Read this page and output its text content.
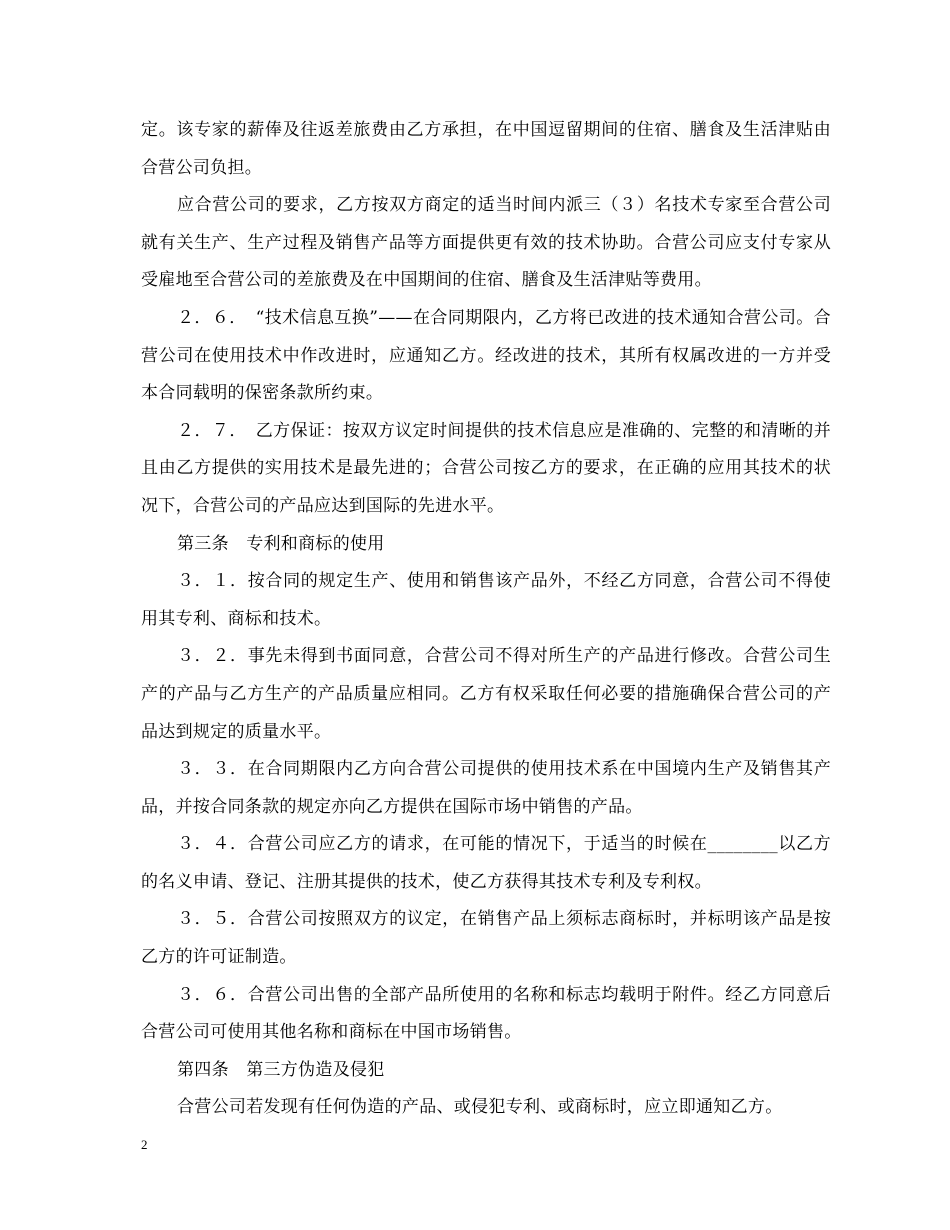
定。该专家的薪俸及往返差旅费由乙方承担，在中国逗留期间的住宿、膳食及生活津贴由合营公司负担。

应合营公司的要求，乙方按双方商定的适当时间内派三（３）名技术专家至合营公司就有关生产、生产过程及销售产品等方面提供更有效的技术协助。合营公司应支付专家从受雇地至合营公司的差旅费及在中国期间的住宿、膳食及生活津贴等费用。

２．６．　“技术信息互换”——在合同期限内，乙方将已改进的技术通知合营公司。合营公司在使用技术中作改进时，应通知乙方。经改进的技术，其所有权属改进的一方并受本合同载明的保密条款所约束。

２．７．　乙方保证：按双方议定时间提供的技术信息应是准确的、完整的和清晰的并且由乙方提供的实用技术是最先进的；合营公司按乙方的要求，在正确的应用其技术的状况下，合营公司的产品应达到国际的先进水平。

第三条　专利和商标的使用

３．１．按合同的规定生产、使用和销售该产品外，不经乙方同意，合营公司不得使用其专利、商标和技术。

３．２．事先未得到书面同意，合营公司不得对所生产的产品进行修改。合营公司生产的产品与乙方生产的产品质量应相同。乙方有权采取任何必要的措施确保合营公司的产品达到规定的质量水平。

３．３．在合同期限内乙方向合营公司提供的使用技术系在中国境内生产及销售其产品，并按合同条款的规定亦向乙方提供在国际市场中销售的产品。

３．４．合营公司应乙方的请求，在可能的情况下，于适当的时候在________以乙方的名义申请、登记、注册其提供的技术，使乙方获得其技术专利及专利权。

３．５．合营公司按照双方的议定，在销售产品上须标志商标时，并标明该产品是按乙方的许可证制造。

３．６．合营公司出售的全部产品所使用的名称和标志均载明于附件。经乙方同意后合营公司可使用其他名称和商标在中国市场销售。

第四条　第三方伪造及侵犯

合营公司若发现有任何伪造的产品、或侵犯专利、或商标时，应立即通知乙方。

2
